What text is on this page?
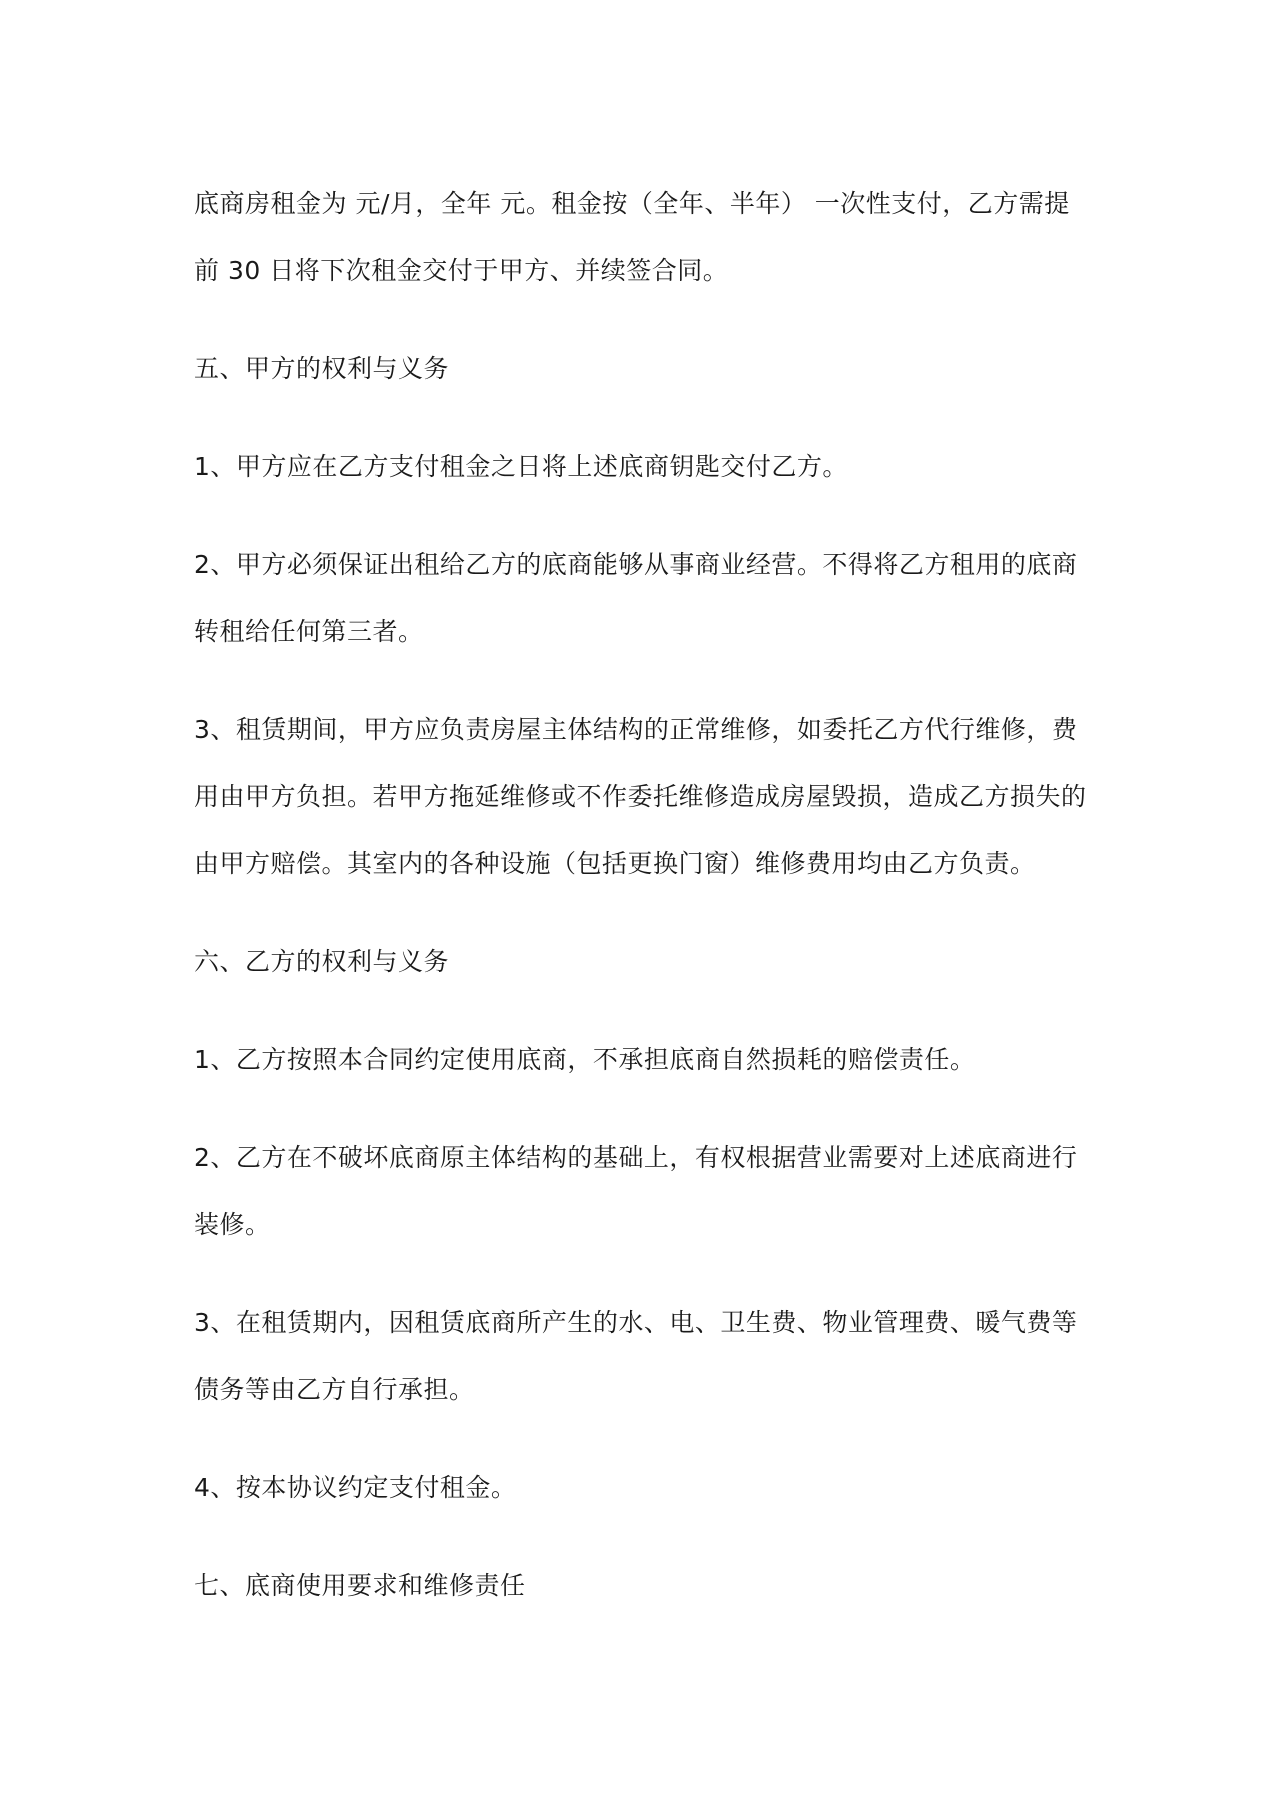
底商房租金为 元/月，全年 元。租金按（全年、半年） 一次性支付，乙方需提
前 30 日将下次租金交付于甲方、并续签合同。

五、甲方的权利与义务

1、甲方应在乙方支付租金之日将上述底商钥匙交付乙方。

2、甲方必须保证出租给乙方的底商能够从事商业经营。不得将乙方租用的底商
转租给任何第三者。

3、租赁期间，甲方应负责房屋主体结构的正常维修，如委托乙方代行维修，费
用由甲方负担。若甲方拖延维修或不作委托维修造成房屋毁损，造成乙方损失的
由甲方赔偿。其室内的各种设施（包括更换门窗）维修费用均由乙方负责。

六、乙方的权利与义务

1、乙方按照本合同约定使用底商，不承担底商自然损耗的赔偿责任。

2、乙方在不破坏底商原主体结构的基础上，有权根据营业需要对上述底商进行
装修。

3、在租赁期内，因租赁底商所产生的水、电、卫生费、物业管理费、暖气费等
债务等由乙方自行承担。

4、按本协议约定支付租金。

七、底商使用要求和维修责任
